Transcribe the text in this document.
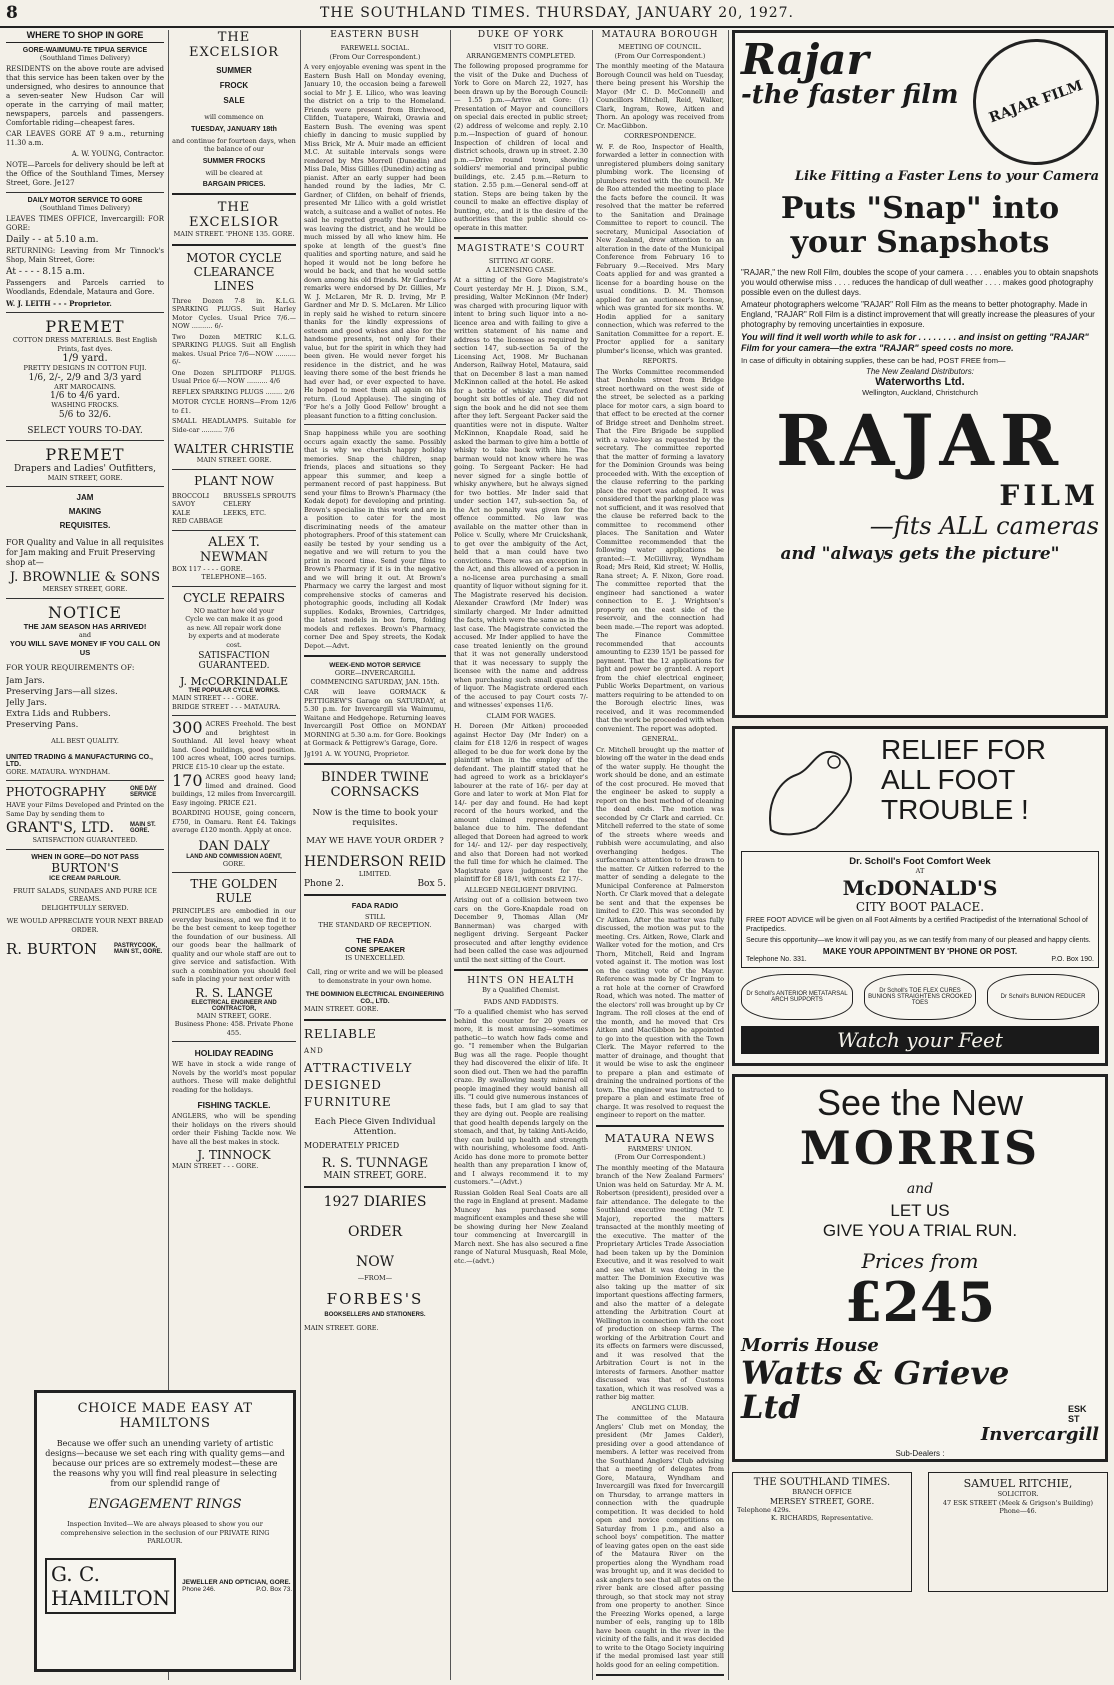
8	THE SOUTHLAND TIMES. THURSDAY, JANUARY 20, 1927.
WHERE TO SHOP IN GORE
GORE-WAIMUMU-TE TIPUA SERVICE
(Southland Times Delivery)

RESIDENTS on the above route are advised that this service has been taken over by the undersigned, who desires to announce that a seven-seater New Hudson Car will operate in the carrying of mail matter, newspapers, parcels and passengers. Comfortable riding—cheapest fares.

CAR LEAVES GORE AT 9 a.m., returning 11.30 a.m.

A. W. YOUNG, Contractor.

NOTE—Parcels for delivery should be left at the Office of the Southland Times, Mersey Street, Gore. Je127

DAILY MOTOR SERVICE TO GORE
(Southland Times Delivery)

LEAVES TIMES OFFICE, Invercargill: FOR GORE:

Daily - - at 5.10 a.m.

RETURNING: Leaving from Mr Tinnock's Shop, Main Street, Gore:

At - - - - 8.15 a.m.

Passengers and Parcels carried to Woodlands, Edendale, Mataura and Gore.

W. J. LEITH - - - Proprietor.

PREMET
COTTON DRESS MATERIALS. Best English Prints, fast dyes.
1/9 yard.
PRETTY DESIGNS IN COTTON FUJI.
1/6, 2/-, 2/9 and 3/3 yard
ART MAROCAINS.
1/6 to 4/6 yard.
WASHING FROCKS.
5/6 to 32/6.
SELECT YOURS TO-DAY.
PREMET
Drapers and Ladies' Outfitters,
MAIN STREET, GORE.
JAM
MAKING
REQUISITES.

FOR Quality and Value in all requisites for Jam making and Fruit Preserving shop at—

J. BROWNLIE & SONS
MERSEY STREET, GORE.
NOTICE
THE JAM SEASON HAS ARRIVED!
and
YOU WILL SAVE MONEY IF YOU CALL ON US
FOR YOUR REQUIREMENTS OF:
Jam Jars.
Preserving Jars—all sizes.
Jelly Jars.
Extra Lids and Rubbers.
Preserving Pans.
ALL BEST QUALITY.
UNITED TRADING & MANUFACTURING CO., LTD.
GORE. MATAURA. WYNDHAM.
PHOTOGRAPHY	ONE DAY SERVICE

HAVE your Films Developed and Printed on the Same Day by sending them to

GRANT'S, LTD.	MAIN ST. GORE.
SATISFACTION GUARANTEED.
WHEN IN GORE—DO NOT PASS
BURTON'S
ICE CREAM PARLOUR.
FRUIT SALADS, SUNDAES AND PURE ICE CREAMS.
DELIGHTFULLY SERVED.
WE WOULD APPRECIATE YOUR NEXT BREAD ORDER.
R. BURTON	PASTRYCOOK, MAIN ST., GORE.
THE EXCELSIOR
SUMMER
FROCK
SALE
will commence on
TUESDAY, JANUARY 18th
and continue for fourteen days, when the balance of our
SUMMER FROCKS
will be cleared at
BARGAIN PRICES.
THE EXCELSIOR
MAIN STREET. 'PHONE 135. GORE.
MOTOR CYCLE CLEARANCE LINES

Three Dozen 7-8 in. K.L.G. SPARKING PLUGS. Suit Harley Motor Cycles. Usual Price 7/6.—NOW .......... 6/-

Two Dozen METRIC K.L.G. SPARKING PLUGS. Suit all English makes. Usual Price 7/6—NOW .......... 6/-

One Dozen SPLITDORF PLUGS. Usual Price 6/-—NOW .......... 4/6

REFLEX SPARKING PLUGS ........ 2/6

MOTOR CYCLE HORNS—From 12/6 to £1.

SMALL HEADLAMPS. Suitable for Side-car .......... 7/6

WALTER CHRISTIE
MAIN STREET. GORE.
PLANT NOW
BROCCOLI
SAVOY
KALE
RED CABBAGE
BRUSSELS SPROUTS
CELERY
LEEKS, ETC.
ALEX T. NEWMAN
BOX 117 - - - - GORE.
TELEPHONE—165.
CYCLE REPAIRS

NO matter how old your Cycle we can make it as good as new. All repair work done by experts and at moderate cost.

SATISFACTION GUARANTEED.
J. McCORKINDALE
THE POPULAR CYCLE WORKS.
MAIN STREET - - - GORE.
BRIDGE STREET - - - MATAURA.

300 ACRES Freehold. The best and brightest in Southland. All level heavy wheat land. Good buildings, good position. 100 acres wheat, 100 acres turnips. PRICE £15-10 clear up the estate.

170 ACRES good heavy land; limed and drained. Good buildings, 12 miles from Invercargill. Easy ingoing. PRICE £21.

BOARDING HOUSE, going concern, £750, in Oamaru. Rent £4. Takings average £120 month. Apply at once.

DAN DALY
LAND AND COMMISSION AGENT,
GORE.
THE GOLDEN RULE

PRINCIPLES are embodied in our everyday business, and we find it to be the best cement to keep together the foundation of our business. All our goods bear the hallmark of quality and our whole staff are out to give service and satisfaction. With such a combination you should feel safe in placing your next order with

R. S. LANGE
ELECTRICAL ENGINEER AND CONTRACTOR,
MAIN STREET, GORE.
Business Phone: 458. Private Phone 455.
HOLIDAY READING

WE have in stock a wide range of Novels by the world's most popular authors. These will make delightful reading for the holidays.

FISHING TACKLE.

ANGLERS, who will be spending their holidays on the rivers should order their Fishing Tackle now. We have all the best makes in stock.

J. TINNOCK
MAIN STREET - - - GORE.
EASTERN BUSH
FAREWELL SOCIAL.
(From Our Correspondent.)

A very enjoyable evening was spent in the Eastern Bush Hall on Monday evening, January 10, the occasion being a farewell social to Mr J. E. Lilico, who was leaving the district on a trip to the Homeland. Friends were present from Birchwood, Clifden, Tuatapere, Wairaki, Orawia and Eastern Bush. The evening was spent chiefly in dancing to music supplied by Miss Brick, Mr A. Muir made an efficient M.C. At suitable intervals songs were rendered by Mrs Morrell (Dunedin) and Miss Dale, Miss Gillies (Dunedin) acting as pianist. After an early supper had been handed round by the ladies, Mr C. Gardner, of Clifden, on behalf of friends, presented Mr Lilico with a gold wristlet watch, a suitcase and a wallet of notes. He said he regretted greatly that Mr Lilico was leaving the district, and he would be much missed by all who knew him. He spoke at length of the guest's fine qualities and sporting nature, and said he hoped it would not be long before he would be back, and that he would settle down among his old friends. Mr Gardner's remarks were endorsed by Dr. Gillies, Mr W. J. McLaren, Mr R. D. Irving, Mr P. Gardner and Mr D. S. McLaren. Mr Lilico in reply said he wished to return sincere thanks for the kindly expressions of esteem and good wishes and also for the handsome presents, not only for their value, but for the spirit in which they had been given. He would never forget his residence in the district, and he was leaving there some of the best friends he had ever had, or ever expected to have. He hoped to meet them all again on his return. (Loud Applause). The singing of 'For he's a Jolly Good Fellow' brought a pleasant function to a fitting conclusion.

Snap happiness while you are soothing occurs again exactly the same. Possibly that is why we cherish happy holiday memories. Snap the children, snap friends, places and situations so they appear this summer, and keep a permanent record of past happiness. But send your films to Brown's Pharmacy (the Kodak depot) for developing and printing. Brown's specialise in this work and are in a position to cater for the most discriminating needs of the amateur photographers. Proof of this statement can easily be tested by your sending us a negative and we will return to you the print in record time. Send your films to Brown's Pharmacy if it is in the negative and we will bring it out. At Brown's Pharmacy we carry the largest and most comprehensive stocks of cameras and photographic goods, including all Kodak supplies. Kodaks, Brownies, Cartridges, the latest models in box form, folding models and reflexes. Brown's Pharmacy, corner Dee and Spey streets, the Kodak Depot.—Advt.

WEEK-END MOTOR SERVICE
GORE—INVERCARGILL
COMMENCING SATURDAY, JAN. 15th.

CAR will leave GORMACK & PETTIGREW'S Garage on SATURDAY, at 5.30 p.m. for Invercargill via Waimumu, Waitane and Hedgehope. Returning leaves Invercargill Post Office on MONDAY MORNING at 5.30 a.m. for Gore. Bookings at Gormack & Pettigrew's Garage, Gore.

Jg191 A. W. YOUNG, Proprietor.

BINDER TWINE CORNSACKS
Now is the time to book your requisites.
MAY WE HAVE YOUR ORDER ?
HENDERSON REID
LIMITED.
Phone 2.	Box 5.
FADA RADIO
STILL
THE STANDARD OF RECEPTION.
THE FADA
CONE SPEAKER
IS UNEXCELLED.

Call, ring or write and we will be pleased to demonstrate in your own home.

THE DOMINION ELECTRICAL ENGINEERING CO., LTD.
MAIN STREET. GORE.
RELIABLE
AND
ATTRACTIVELY
DESIGNED
FURNITURE
Each Piece Given Individual Attention.
MODERATELY PRICED
R. S. TUNNAGE
MAIN STREET, GORE.
1927 DIARIES
ORDER
NOW
—FROM—
FORBES'S
BOOKSELLERS AND STATIONERS.
MAIN STREET. GORE.
DUKE OF YORK
VISIT TO GORE.
ARRANGEMENTS COMPLETED.

The following proposed programme for the visit of the Duke and Duchess of York to Gore on March 22, 1927, has been drawn up by the Borough Council:— 1.55 p.m.—Arrive at Gore: (1) Presentation of Mayor and councillors on special dais erected in public street; (2) address of welcome and reply. 2.10 p.m.—Inspection of guard of honour. Inspection of children of local and district schools, drawn up in street. 2.30 p.m.—Drive round town, showing soldiers' memorial and principal public buildings, etc. 2.45 p.m.—Return to station. 2.55 p.m.—General send-off at station. Steps are being taken by the council to make an effective display of bunting, etc., and it is the desire of the authorities that the public should co-operate in this matter.

MAGISTRATE'S COURT
SITTING AT GORE.
A LICENSING CASE.

At a sitting of the Gore Magistrate's Court yesterday Mr H. J. Dixon, S.M., presiding, Walter McKinnon (Mr Inder) was charged with procuring liquor with intent to bring such liquor into a no-licence area and with failing to give a written statement of his name and address to the licensee as required by section 147, sub-section 5a of the Licensing Act, 1908. Mr Buchanan Anderson, Railway Hotel, Mataura, said that on December 8 last a man named McKinnon called at the hotel. He asked for a bottle of whisky and Crawford bought six bottles of ale. They did not sign the book and he did not see them after they left. Sergeant Packer said the quantities were not in dispute. Walter McKinnon, Knapdale Road, said he asked the barman to give him a bottle of whisky to take back with him. The barman would not know where he was going. To Sergeant Packer: He had never signed for a single bottle of whisky anywhere, but he always signed for two bottles. Mr Inder said that under section 147, sub-section 5a, of the Act no penalty was given for the offence committed. No law was available on the matter other than in Police v. Scully, where Mr Cruickshank, to get over the ambiguity of the Act, held that a man could have two convictions. There was an exception in the Act, and this allowed of a person in a no-license area purchasing a small quantity of liquor without signing for it. The Magistrate reserved his decision. Alexander Crawford (Mr Inder) was similarly charged. Mr Inder admitted the facts, which were the same as in the last case. The Magistrate convicted the accused. Mr Inder applied to have the case treated leniently on the ground that it was not generally understood that it was necessary to supply the licensee with the name and address when purchasing such small quantities of liquor. The Magistrate ordered each of the accused to pay Court costs 7/- and witnesses' expenses 11/6.

CLAIM FOR WAGES.

H. Doreen (Mr Aitken) proceeded against Hector Day (Mr Inder) on a claim for £18 12/6 in respect of wages alleged to be due for work done by the plaintiff when in the employ of the defendant. The plaintiff stated that he had agreed to work as a bricklayer's labourer at the rate of 16/- per day at Gore and later to work at Mon Flat for 14/- per day and found. He had kept record of the hours worked, and the amount claimed represented the balance due to him. The defendant alleged that Doreen had agreed to work for 14/- and 12/- per day respectively, and also that Doreen had not worked the full time for which he claimed. The Magistrate gave judgment for the plaintiff for £8 18/1, with costs £2 17/-.

ALLEGED NEGLIGENT DRIVING.

Arising out of a collision between two cars on the Gore-Knapdale road on December 9, Thomas Allan (Mr Bannerman) was charged with negligent driving. Sergeant Packer prosecuted and after lengthy evidence had been called the case was adjourned until the next sitting of the Court.

HINTS ON HEALTH
By a Qualified Chemist.
FADS AND FADDISTS.

"To a qualified chemist who has served behind the counter for 20 years or more, it is most amusing—sometimes pathetic—to watch how fads come and go. "I remember when the Bulgarian Bug was all the rage. People thought they had discovered the elixir of life. It soon died out. Then we had the paraffin craze. By swallowing nasty mineral oil people imagined they would banish all ills. "I could give numerous instances of these fads, but I am glad to say that they are dying out. People are realising that good health depends largely on the stomach, and that, by taking Anti-Acido, they can build up health and strength with nourishing, wholesome food. Anti-Acido has done more to promote better health than any preparation I know of, and I always recommend it to my customers."—(Advt.)

Russian Golden Real Seal Coats are all the rage in England at present. Madame Muncey has purchased some magnificent examples and these she will be showing during her New Zealand tour commencing at Invercargill in March next. She has also secured a fine range of Natural Musquash, Real Mole, etc.—(advt.)

MATAURA BOROUGH
MEETING OF COUNCIL.
(From Our Correspondent.)

The monthly meeting of the Mataura Borough Council was held on Tuesday, there being present his Worship the Mayor (Mr C. D. McConnell) and Councillors Mitchell, Reid, Walker, Clark, Ingram, Rowe, Aitken and Thorn. An apology was received from Cr. MacGibbon.

CORRESPONDENCE.

W. F. de Roo, Inspector of Health, forwarded a letter in connection with unregistered plumbers doing sanitary plumbing work. The licensing of plumbers rested with the council. Mr de Roo attended the meeting to place the facts before the council. It was resolved that the matter be referred to the Sanitation and Drainage Committee to report to council. The secretary, Municipal Association of New Zealand, drew attention to an alteration in the date of the Municipal Conference from February 16 to February 9.—Received. Mrs Mary Coats applied for and was granted a license for a boarding house on the usual conditions. D. M. Thomson applied for an auctioneer's license, which was granted for six months. W. Hodin applied for a sanitary connection, which was referred to the Sanitation Committee for a report. E. Proctor applied for a sanitary plumber's license, which was granted.

REPORTS.

The Works Committee recommended that Denholm street from Bridge street northward on the west side of the street, be selected as a parking place for motor cars, a sign board to that effect to be erected at the corner of Bridge street and Denholm street. That the Fire Brigade be supplied with a valve-key as requested by the secretary. The committee reported that the matter of forming a lavatory for the Dominion Grounds was being proceeded with. With the exception of the clause referring to the parking place the report was adopted. It was considered that the parking place was not sufficient, and it was resolved that the clause be referred back to the committee to recommend other places. The Sanitation and Water Committee recommended that the following water applications be granted:—T. McGillivray, Wyndham Road; Mrs Reid, Kid street; W. Hollis, Rana street; A. F. Nixon, Gore road. The committee reported that the engineer had sanctioned a water connection to E. J. Wrightson's property on the east side of the reservoir, and the connection had been made.—The report was adopted. The Finance Committee recommended that accounts amounting to £239 15/1 be passed for payment. That the 12 applications for light and power be granted. A report from the chief electrical engineer, Public Works Department, on various matters requiring to be attended to on the Borough electric lines, was received, and it was recommended that the work be proceeded with when convenient. The report was adopted.

GENERAL.

Cr. Mitchell brought up the matter of blowing off the water in the dead ends of the water supply. He thought the work should be done, and an estimate of the cost procured. He moved that the engineer be asked to supply a report on the best method of cleaning the dead ends. The motion was seconded by Cr Clark and carried. Cr. Mitchell referred to the state of some of the streets where weeds and rubbish were accumulating, and also overhanging hedges. The surfaceman's attention to be drawn to the matter. Cr Aitken referred to the matter of sending a delegate to the Municipal Conference at Palmerston North. Cr Clark moved that a delegate be sent and that the expenses be limited to £20. This was seconded by Cr Aitken. After the matter was fully discussed, the motion was put to the meeting. Crs. Aitken, Rowe, Clark and Walker voted for the motion, and Crs Thorn, Mitchell, Reid and Ingram voted against it. The motion was lost on the casting vote of the Mayor. Reference was made by Cr Ingram to a rat hole at the corner of Crawford Road, which was noted. The matter of the electors' roll was brought up by Cr Ingram. The roll closes at the end of the month, and he moved that Crs Aitken and MacGibbon be appointed to go into the question with the Town Clerk. The Mayor referred to the matter of drainage, and thought that it would be wise to ask the engineer to prepare a plan and estimate of draining the undrained portions of the town. The engineer was instructed to prepare a plan and estimate free of charge. It was resolved to request the engineer to report on the matter.

MATAURA NEWS
FARMERS' UNION.
(From Our Correspondent.)

The monthly meeting of the Mataura branch of the New Zealand Farmers' Union was held on Saturday. Mr A. M. Robertson (president), presided over a fair attendance. The delegate to the Southland executive meeting (Mr T. Major), reported the matters transacted at the monthly meeting of the executive. The matter of the Proprietary Articles Trade Association had been taken up by the Dominion Executive, and it was resolved to wait and see what it was doing in the matter. The Dominion Executive was also taking up the matter of six important questions affecting farmers, and also the matter of a delegate attending the Arbitration Court at Wellington in connection with the cost of production on sheep farms. The working of the Arbitration Court and its effects on farmers were discussed, and it was resolved that the Arbitration Court is not in the interests of farmers. Another matter discussed was that of Customs taxation, which it was resolved was a rather big matter.

ANGLING CLUB.

The committee of the Mataura Anglers' Club met on Monday, the president (Mr James Calder), presiding over a good attendance of members. A letter was received from the Southland Anglers' Club advising that a meeting of delegates from Gore, Mataura, Wyndham and Invercargill was fixed for Invercargill on Thursday, to arrange matters in connection with the quadruple competition. It was decided to hold open and novice competitions on Saturday from 1 p.m., and also a school boys' competition. The matter of leaving gates open on the east side of the Mataura River on the properties along the Wyndham road was brought up, and it was decided to ask anglers to see that all gates on the river bank are closed after passing through, so that stock may not stray from one property to another. Since the Freezing Works opened, a large number of eels, ranging up to 18lb have been caught in the river in the vicinity of the falls, and it was decided to write to the Otago Society inquiring if the medal promised last year still holds good for an eeling competition.

Rajar
-the faster film	RAJAR FILM
Like Fitting a Faster Lens to your Camera
Puts "Snap" into your Snapshots

"RAJAR," the new Roll Film, doubles the scope of your camera . . . . enables you to obtain snapshots you would otherwise miss . . . . reduces the handicap of dull weather . . . . makes good photography possible even on the dullest days.

Amateur photographers welcome "RAJAR" Roll Film as the means to better photography. Made in England, "RAJAR" Roll Film is a distinct improvement that will greatly increase the pleasures of your photography by removing uncertainties in exposure.

You will find it well worth while to ask for . . . . . . . . and insist on getting "RAJAR" Film for your camera—the extra "RAJAR" speed costs no more.

In case of difficulty in obtaining supplies, these can be had, POST FREE from—

The New Zealand Distributors:
Waterworths Ltd.
Wellington, Auckland, Christchurch
RAJAR
FILM
—fits ALL cameras
and "always gets the picture"
RELIEF FOR ALL FOOT TROUBLE !
Dr. Scholl's Foot Comfort Week
AT
McDONALD'S
CITY BOOT PALACE.

FREE FOOT ADVICE will be given on all Foot Ailments by a certified Practipedist of the International School of Practipedics.

Secure this opportunity—we know it will pay you, as we can testify from many of our pleased and happy clients.

MAKE YOUR APPOINTMENT BY 'PHONE OR POST.
Telephone No. 331.	P.O. Box 190.
Dr Scholl's ANTERIOR METATARSAL ARCH SUPPORTS
Dr Scholl's TOE FLEX CURES BUNIONS STRAIGHTENS CROOKED TOES
Dr Scholl's BUNION REDUCER
Watch your Feet
See the New
MORRIS
and
LET US
GIVE YOU A TRIAL RUN.
Prices from
£245
Morris House
Watts & Grieve Ltd	ESK ST
Invercargill
Sub-Dealers :
THE SOUTHLAND TIMES.
BRANCH OFFICE
MERSEY STREET, GORE.
Telephone 429s.
K. RICHARDS, Representative.
SAMUEL RITCHIE,
SOLICITOR.
47 ESK STREET (Meek & Grigson's Building) Phone—46.
CHOICE MADE EASY AT HAMILTONS

Because we offer such an unending variety of artistic designs—because we set each ring with quality gems—and because our prices are so extremely modest—these are the reasons why you will find real pleasure in selecting from our splendid range of

ENGAGEMENT RINGS

Inspection Invited—We are always pleased to show you our comprehensive selection in the seclusion of our PRIVATE RING PARLOUR.

G. C. HAMILTON
JEWELLER AND OPTICIAN, GORE.
Phone 246.	P.O. Box 73.
